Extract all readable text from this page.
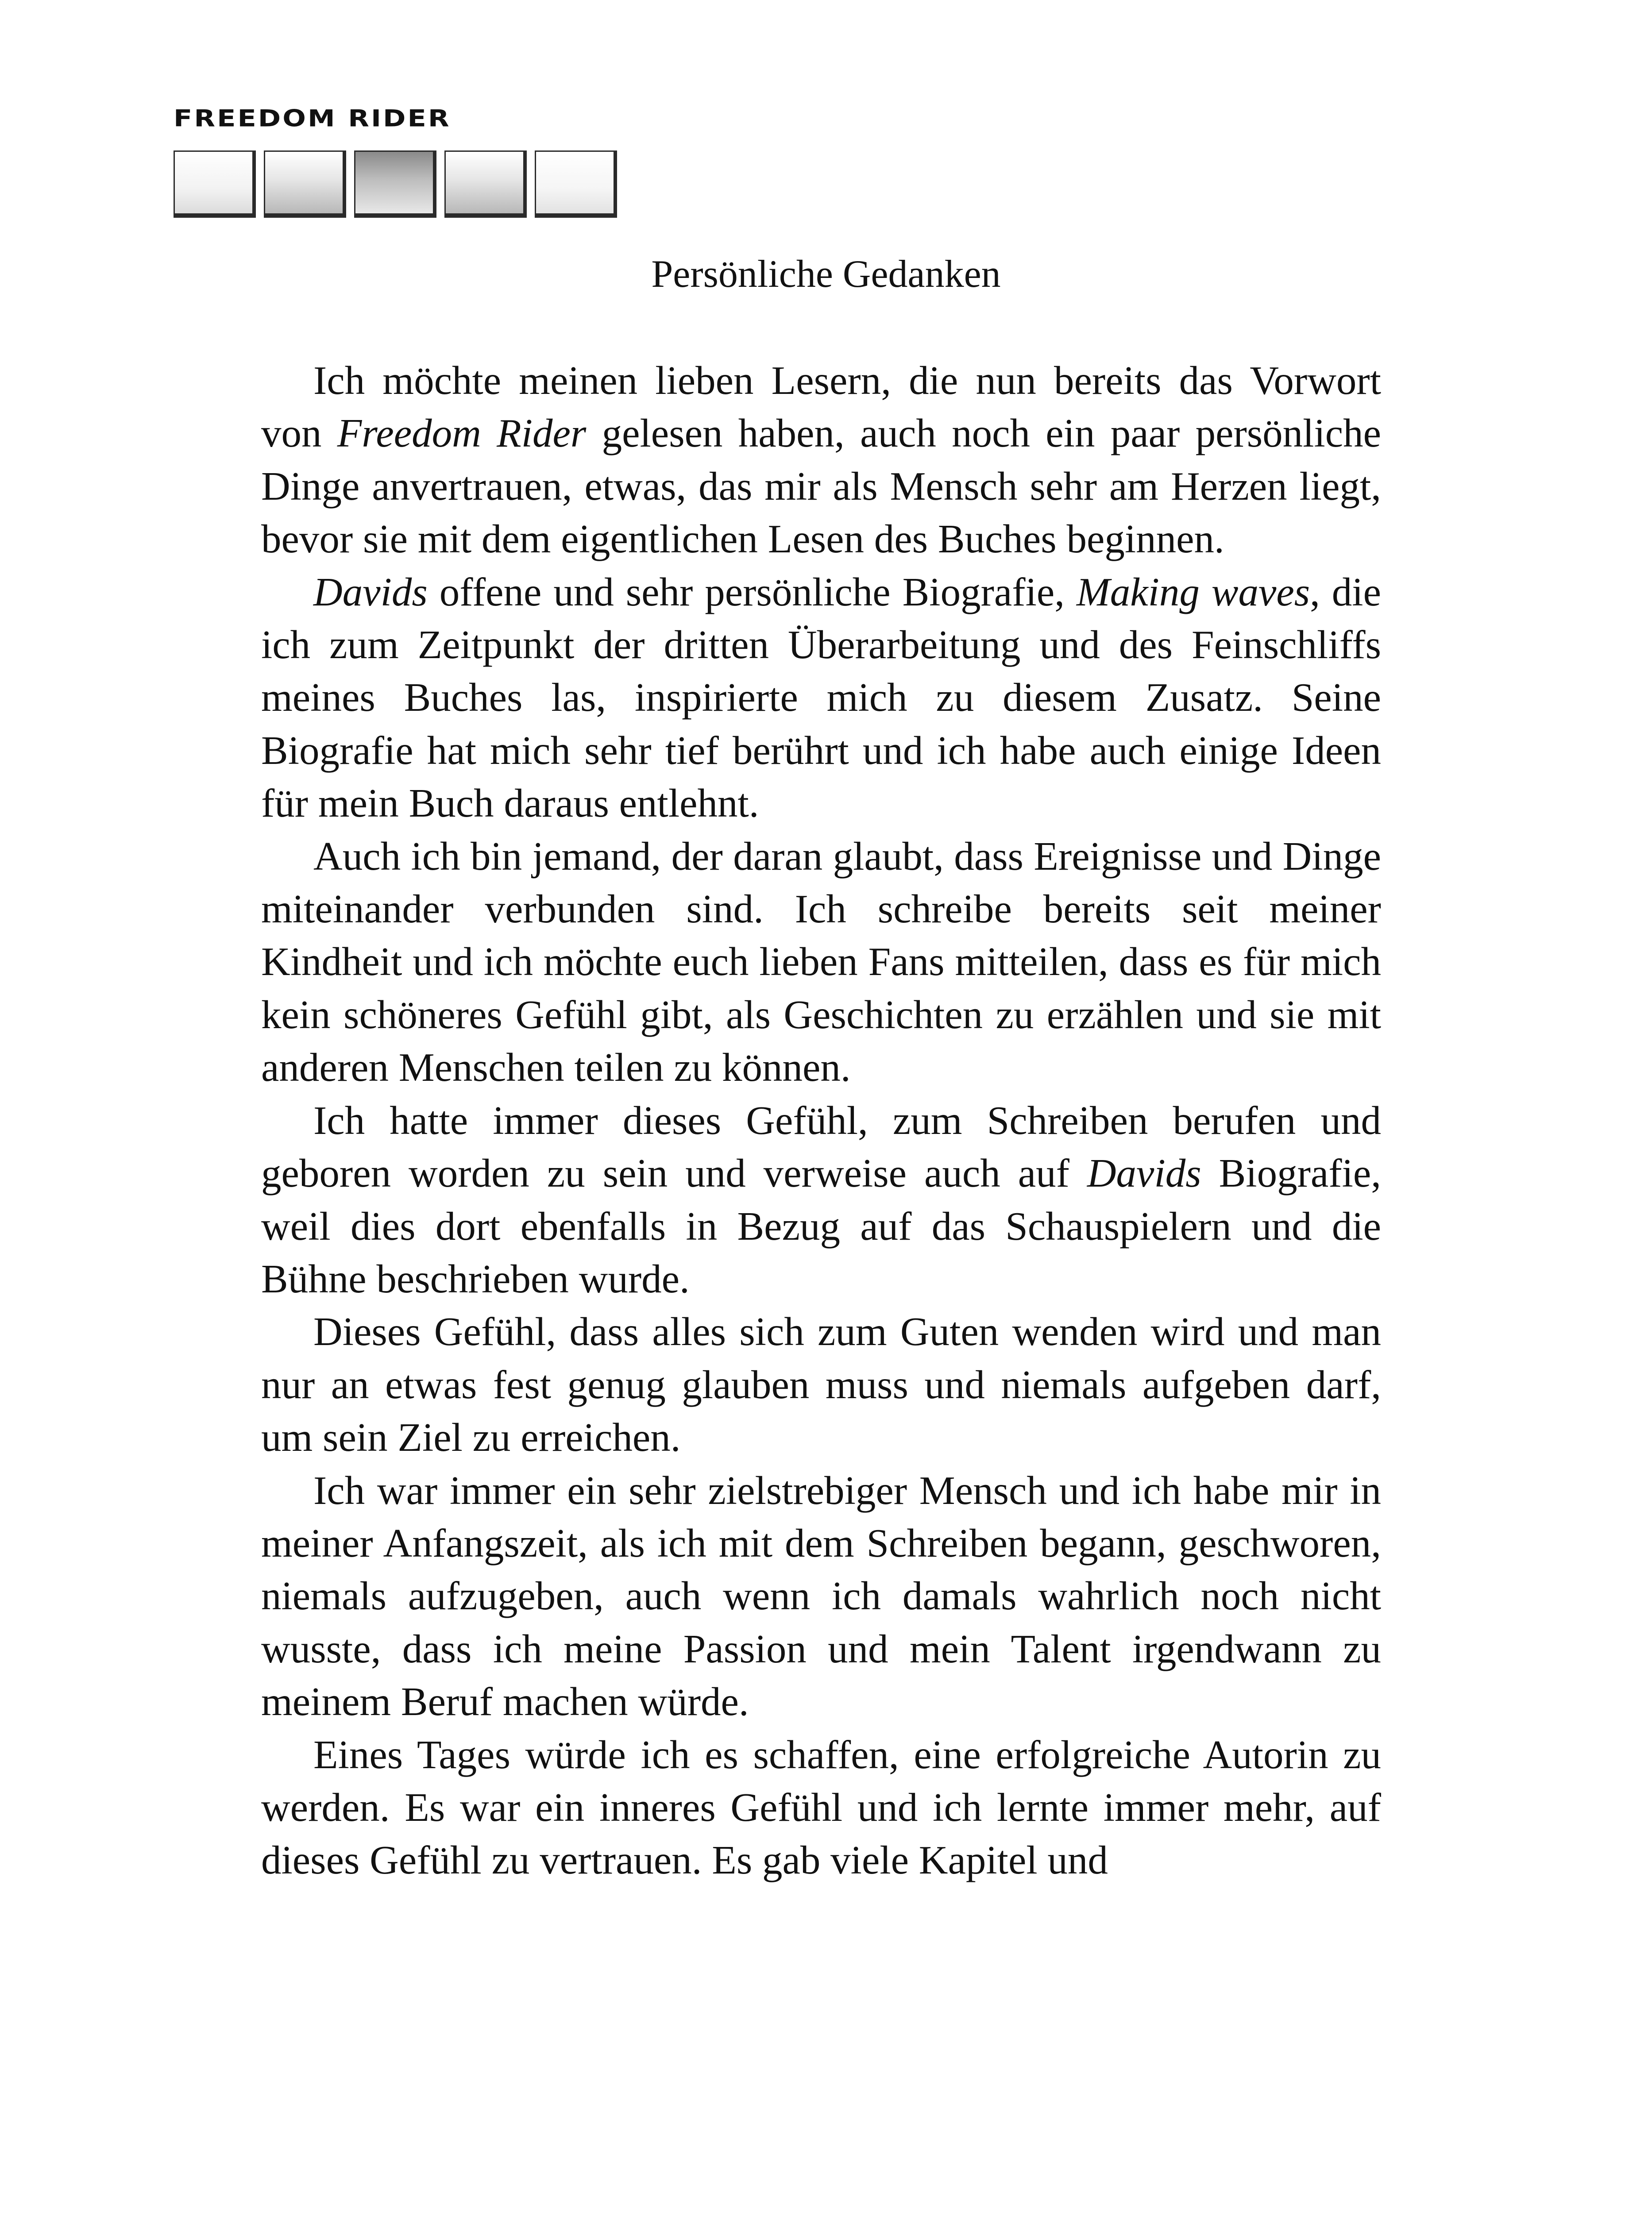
FREEDOM RIDER
Persönliche Gedanken

Ich möchte meinen lieben Lesern, die nun bereits das Vorwort von Freedom Rider gelesen haben, auch noch ein paar persönliche Dinge anvertrauen, etwas, das mir als Mensch sehr am Herzen liegt, bevor sie mit dem eigentlichen Lesen des Buches beginnen.

Davids offene und sehr persönliche Biografie, Making waves, die ich zum Zeitpunkt der dritten Überarbeitung und des Feinschliffs meines Buches las, inspirierte mich zu diesem Zusatz. Seine Biografie hat mich sehr tief berührt und ich habe auch einige Ideen für mein Buch daraus entlehnt.

Auch ich bin jemand, der daran glaubt, dass Ereignisse und Dinge miteinander verbunden sind. Ich schreibe bereits seit meiner Kindheit und ich möchte euch lieben Fans mitteilen, dass es für mich kein schöneres Gefühl gibt, als Geschichten zu erzählen und sie mit anderen Menschen teilen zu können.

Ich hatte immer dieses Gefühl, zum Schreiben berufen und geboren worden zu sein und verweise auch auf Davids Biografie, weil dies dort ebenfalls in Bezug auf das Schauspielern und die Bühne beschrieben wurde.

Dieses Gefühl, dass alles sich zum Guten wenden wird und man nur an etwas fest genug glauben muss und niemals aufgeben darf, um sein Ziel zu erreichen.

Ich war immer ein sehr zielstrebiger Mensch und ich habe mir in meiner Anfangszeit, als ich mit dem Schreiben begann, geschworen, niemals aufzugeben, auch wenn ich damals wahrlich noch nicht wusste, dass ich meine Passion und mein Talent irgendwann zu meinem Beruf machen würde.

Eines Tages würde ich es schaffen, eine erfolgreiche Autorin zu werden. Es war ein inneres Gefühl und ich lernte immer mehr, auf dieses Gefühl zu vertrauen. Es gab viele Kapitel und
